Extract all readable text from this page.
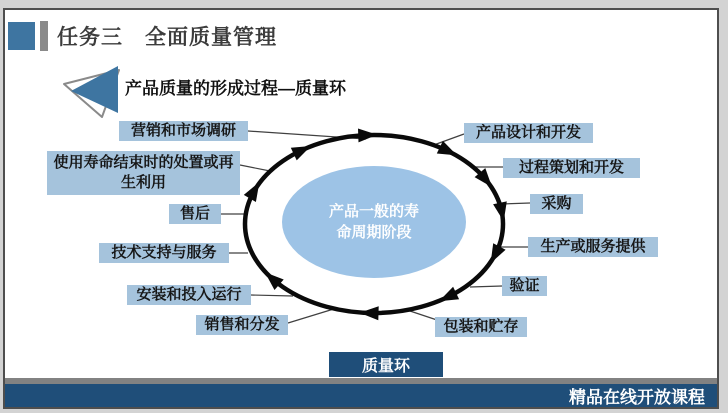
任务三　全面质量管理
产品质量的形成过程—质量环
产品一般的寿
命周期阶段
营销和市场调研	产品设计和开发
过程策划和开发
采购
生产或服务提供
验证
包装和贮存
销售和分发
安装和投入运行
技术支持与服务
售后
使用寿命结束时的处置或再生利用
质量环
精品在线开放课程
